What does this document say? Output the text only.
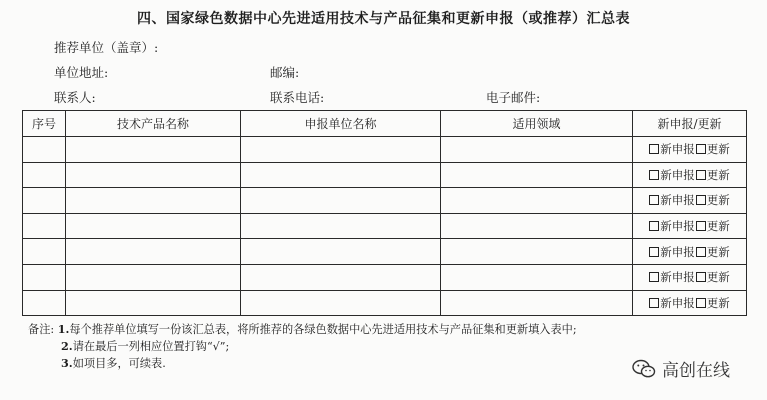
四、国家绿色数据中心先进适用技术与产品征集和更新申报（或推荐）汇总表
推荐单位（盖章）:
单位地址:	邮编:
联系人:	联系电话:	电子邮件:
序号	技术产品名称	申报单位名称	适用领域	新申报/更新
				新申报 更新
				新申报 更新
				新申报 更新
				新申报 更新
				新申报 更新
				新申报 更新
				新申报 更新
备注: 1.每个推荐单位填写一份该汇总表，将所推荐的各绿色数据中心先进适用技术与产品征集和更新填入表中;
2.请在最后一列相应位置打钩“√”;
3.如项目多，可续表.	高创在线
